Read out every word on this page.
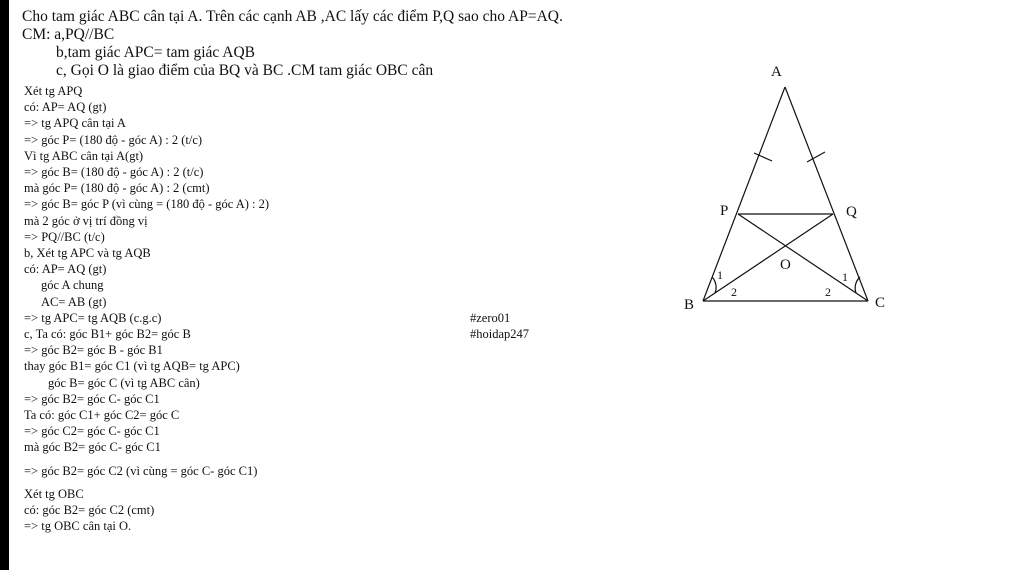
Cho tam giác ABC cân tại A. Trên các cạnh AB ,AC lấy các điểm P,Q sao cho AP=AQ.
CM: a,PQ//BC
b,tam giác APC= tam giác AQB
c, Gọi O là giao điểm của BQ và BC .CM tam giác OBC cân
Xét tg APQ
có: AP= AQ (gt)
=> tg APQ cân tại A
=> góc P= (180 độ - góc A) : 2 (t/c)
Vì tg ABC cân tại A(gt)
=> góc B= (180 độ - góc A) : 2 (t/c)
mà góc P= (180 độ - góc A) : 2 (cmt)
=> góc B= góc P (vì cùng = (180 độ - góc A) : 2)
mà 2 góc ở vị trí đồng vị
=> PQ//BC (t/c)
b, Xét tg APC và tg AQB
có: AP= AQ (gt)
góc A chung
AC= AB (gt)
=> tg APC= tg AQB (c.g.c)
c, Ta có: góc B1+ góc B2= góc B
=> góc B2= góc B - góc B1
thay góc B1= góc C1 (vì tg AQB= tg APC)
góc B= góc C (vì tg ABC cân)
=> góc B2= góc C- góc C1
Ta có: góc C1+ góc C2= góc C
=> góc C2= góc C- góc C1
mà góc B2= góc C- góc C1
=> góc B2= góc C2 (vì cùng = góc C- góc C1)
Xét tg OBC
có: góc B2= góc C2 (cmt)
=> tg OBC cân tại O.
#zero01
#hoidap247
A
B	C
P	Q
O
1
2
1
2
